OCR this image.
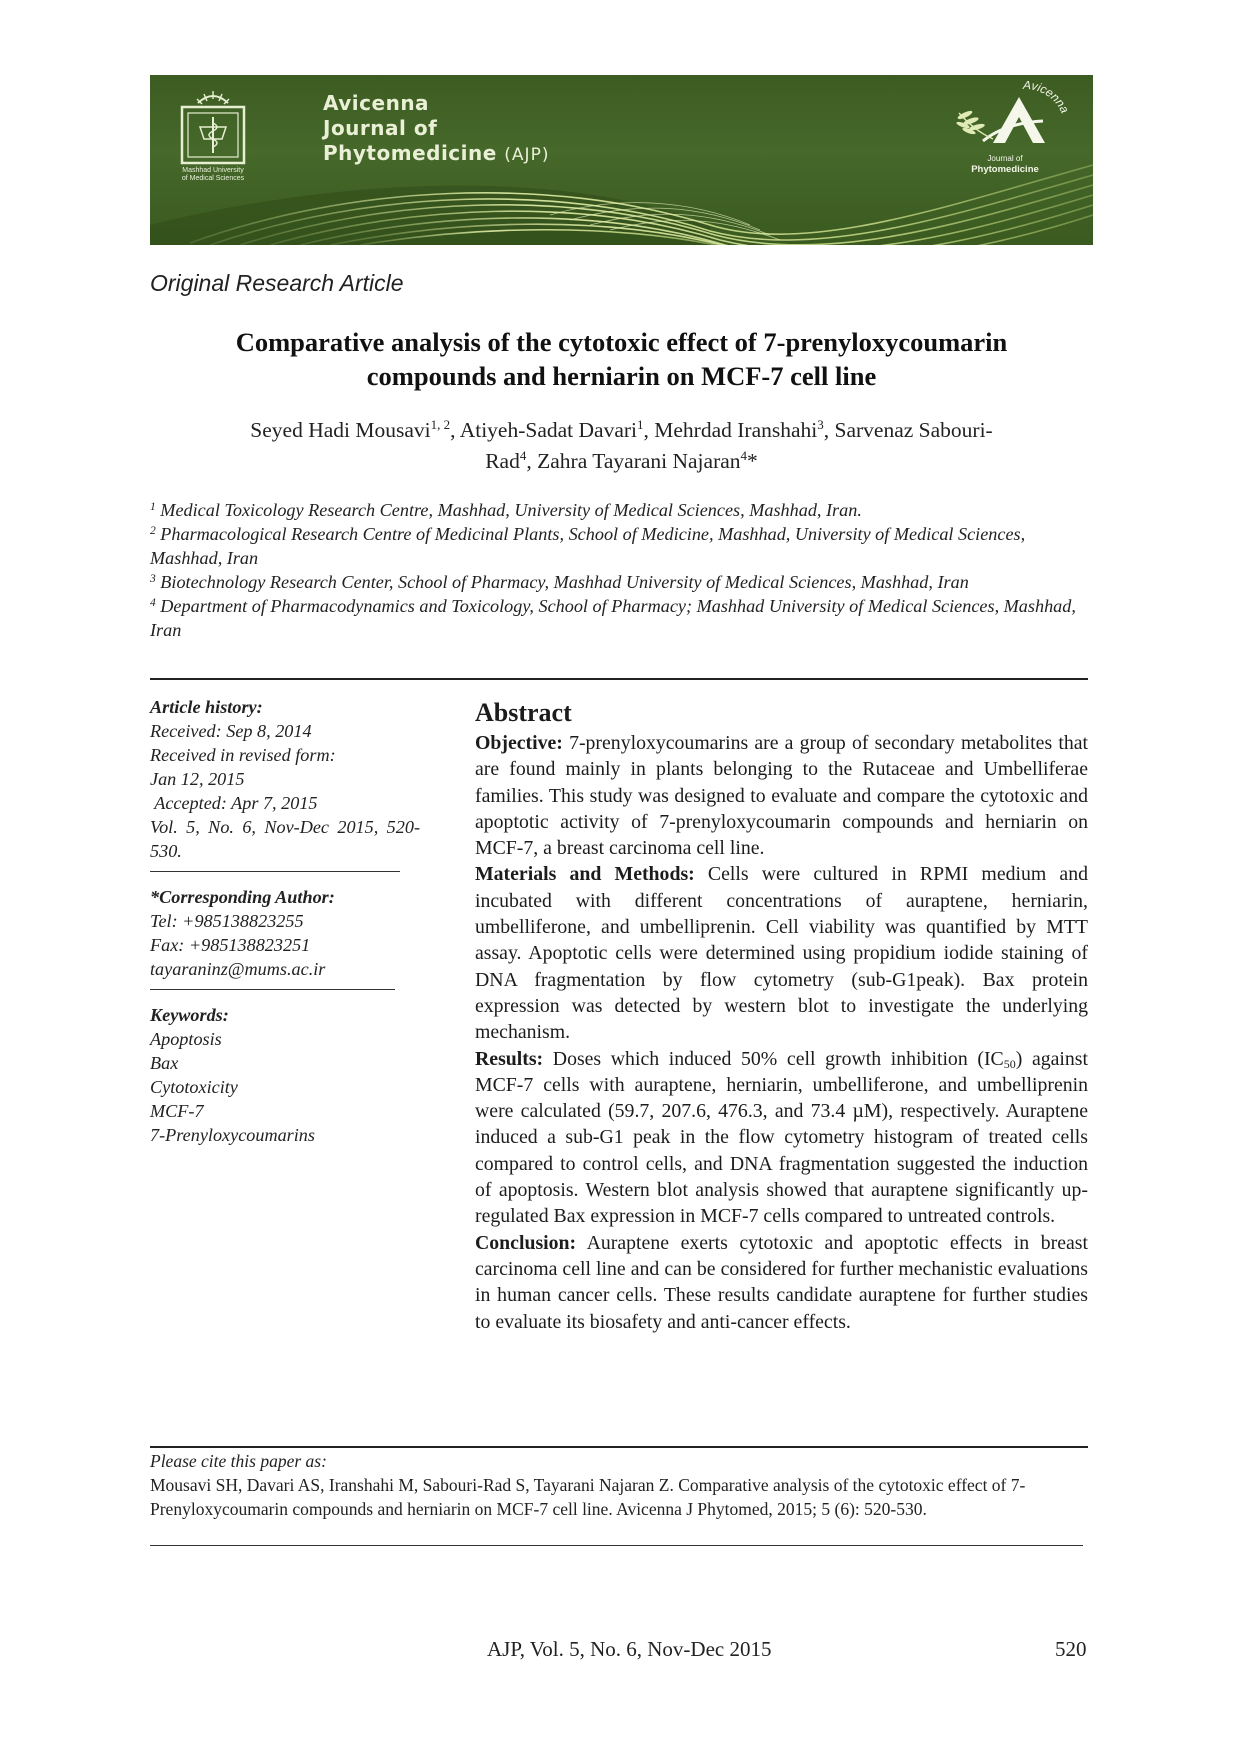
Mashhad University
of Medical Sciences
Avicenna
Journal of
Phytomedicine (AJP)
Avicenna
Journal of
Phytomedicine
Original Research Article
Comparative analysis of the cytotoxic effect of 7-prenyloxycoumarin
compounds and herniarin on MCF-7 cell line
Seyed Hadi Mousavi$^{1, 2}$, Atiyeh-Sadat Davari$^1$, Mehrdad Iranshahi$^3$, Sarvenaz Sabouri-
Rad$^4$, Zahra Tayarani Najaran$^4$*
$^1$ Medical Toxicology Research Centre, Mashhad, University of Medical Sciences, Mashhad, Iran.
$^2$ Pharmacological Research Centre of Medicinal Plants, School of Medicine, Mashhad, University of Medical Sciences, Mashhad, Iran
$^3$ Biotechnology Research Center, School of Pharmacy, Mashhad University of Medical Sciences, Mashhad, Iran
$^4$ Department of Pharmacodynamics and Toxicology, School of Pharmacy; Mashhad University of Medical Sciences, Mashhad, Iran
Article history:
Received: Sep 8, 2014
Received in revised form:
Jan 12, 2015
Accepted: Apr 7, 2015
Vol. 5, No. 6, Nov-Dec 2015, 520-530.
*Corresponding Author:
Tel: +985138823255
Fax: +985138823251
tayaraninz@mums.ac.ir
Keywords:
Apoptosis
Bax
Cytotoxicity
MCF-7
7-Prenyloxycoumarins
Abstract

Objective: 7-prenyloxycoumarins are a group of secondary metabolites that are found mainly in plants belonging to the Rutaceae and Umbelliferae families. This study was designed to evaluate and compare the cytotoxic and apoptotic activity of 7-prenyloxycoumarin compounds and herniarin on MCF-7, a breast carcinoma cell line.

Materials and Methods: Cells were cultured in RPMI medium and incubated with different concentrations of auraptene, herniarin, umbelliferone, and umbelliprenin. Cell viability was quantified by MTT assay. Apoptotic cells were determined using propidium iodide staining of DNA fragmentation by flow cytometry (sub-G1peak). Bax protein expression was detected by western blot to investigate the underlying mechanism.

Results: Doses which induced 50% cell growth inhibition $(IC_{50})$ against MCF-7 cells with auraptene, herniarin, umbelliferone, and umbelliprenin were calculated (59.7, 207.6, 476.3, and 73.4 µM), respectively. Auraptene induced a sub-G1 peak in the flow cytometry histogram of treated cells compared to control cells, and DNA fragmentation suggested the induction of apoptosis. Western blot analysis showed that auraptene significantly up-regulated Bax expression in MCF-7 cells compared to untreated controls.

Conclusion: Auraptene exerts cytotoxic and apoptotic effects in breast carcinoma cell line and can be considered for further mechanistic evaluations in human cancer cells. These results candidate auraptene for further studies to evaluate its biosafety and anti-cancer effects.

Please cite this paper as:
Mousavi SH, Davari AS, Iranshahi M, Sabouri-Rad S, Tayarani Najaran Z. Comparative analysis of the cytotoxic effect of 7-Prenyloxycoumarin compounds and herniarin on MCF-7 cell line. Avicenna J Phytomed, 2015; 5 (6): 520-530.
AJP, Vol. 5, No. 6, Nov-Dec 2015	520
